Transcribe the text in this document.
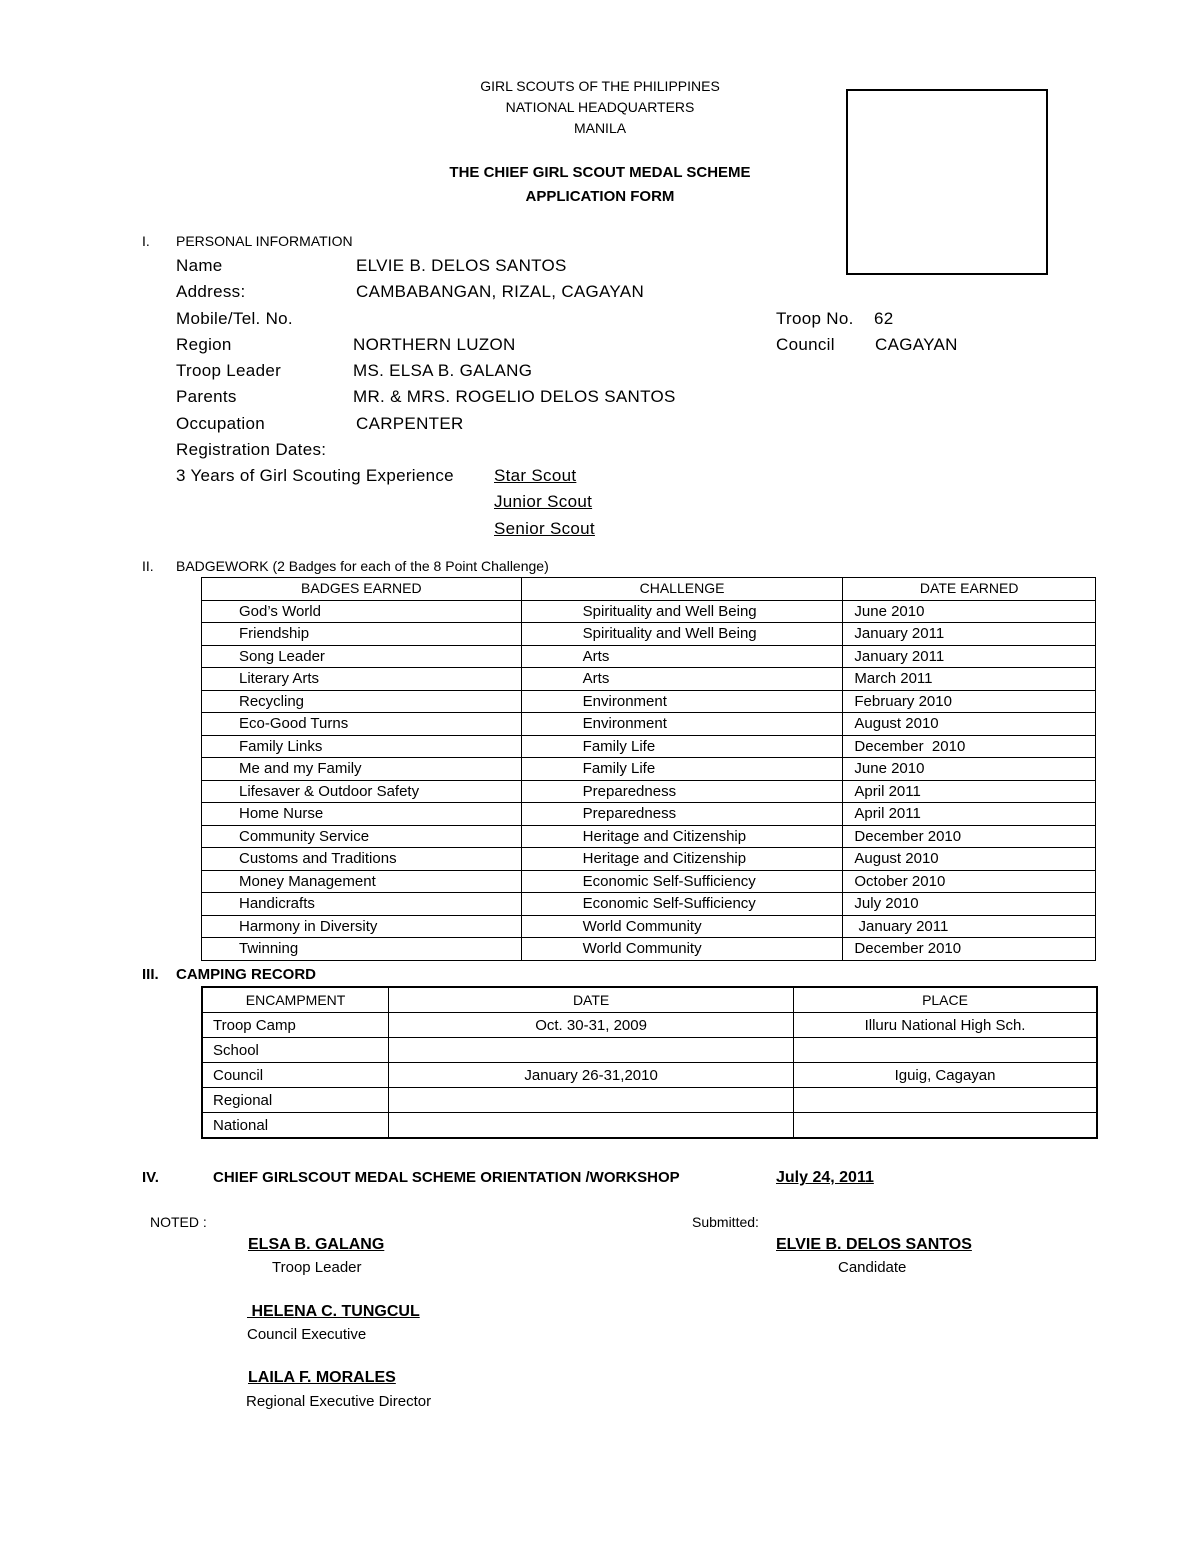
GIRL SCOUTS OF THE PHILIPPINES
NATIONAL HEADQUARTERS
MANILA
THE CHIEF GIRL SCOUT MEDAL SCHEME
APPLICATION FORM
I. PERSONAL INFORMATION
Name	ELVIE B. DELOS SANTOS
Address:	CAMBABANGAN, RIZAL, CAGAYAN
Mobile/Tel. No.	Troop No. 62
Region	NORTHERN LUZON	Council CAGAYAN
Troop Leader	MS. ELSA B. GALANG
Parents	MR. & MRS. ROGELIO DELOS SANTOS
Occupation	CARPENTER
Registration Dates:
3 Years of Girl Scouting Experience Star Scout
Junior Scout
Senior Scout
II. BADGEWORK (2 Badges for each of the 8 Point Challenge)
BADGES EARNED	CHALLENGE	DATE EARNED
God’s World	Spirituality and Well Being	June 2010
Friendship	Spirituality and Well Being	January 2011
Song Leader	Arts	January 2011
Literary Arts	Arts	March 2011
Recycling	Environment	February 2010
Eco-Good Turns	Environment	August 2010
Family Links	Family Life	December  2010
Me and my Family	Family Life	June 2010
Lifesaver & Outdoor Safety	Preparedness	April 2011
Home Nurse	Preparedness	April 2011
Community Service	Heritage and Citizenship	December 2010
Customs and Traditions	Heritage and Citizenship	August 2010
Money Management	Economic Self-Sufficiency	October 2010
Handicrafts	Economic Self-Sufficiency	July 2010
Harmony in Diversity	World Community	January 2011
Twinning	World Community	December 2010
III. CAMPING RECORD
ENCAMPMENT	DATE	PLACE
Troop Camp	Oct. 30-31, 2009	Illuru National High Sch.
School		
Council	January 26-31,2010	Iguig, Cagayan
Regional		
National		
IV.	CHIEF GIRLSCOUT MEDAL SCHEME ORIENTATION /WORKSHOP	July 24, 2011
NOTED :	Submitted:
ELSA B. GALANG
Troop Leader
ELVIE B. DELOS SANTOS
Candidate
HELENA C. TUNGCUL
Council Executive
LAILA F. MORALES
Regional Executive Director
